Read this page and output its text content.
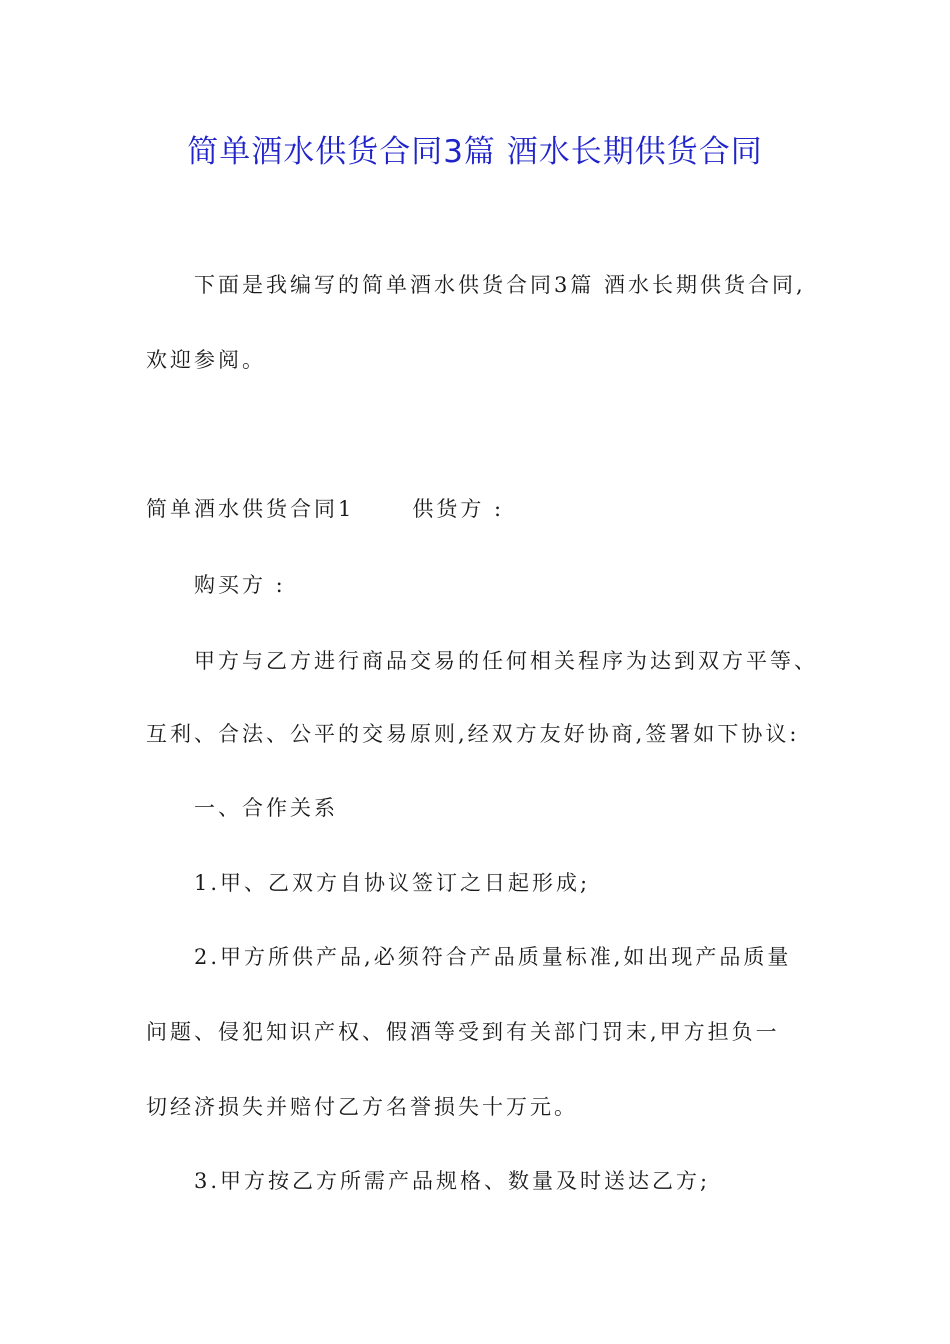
简单酒水供货合同3篇 酒水长期供货合同
下面是我编写的简单酒水供货合同3篇 酒水长期供货合同,
欢迎参阅。
简单酒水供货合同1	供货方 :
购买方 :
甲方与乙方进行商品交易的任何相关程序为达到双方平等、
互利、合法、公平的交易原则,经双方友好协商,签署如下协议:
一、合作关系
1.甲、乙双方自协议签订之日起形成;
2.甲方所供产品,必须符合产品质量标准,如出现产品质量
问题、侵犯知识产权、假酒等受到有关部门罚末,甲方担负一
切经济损失并赔付乙方名誉损失十万元。
3.甲方按乙方所需产品规格、数量及时送达乙方;
